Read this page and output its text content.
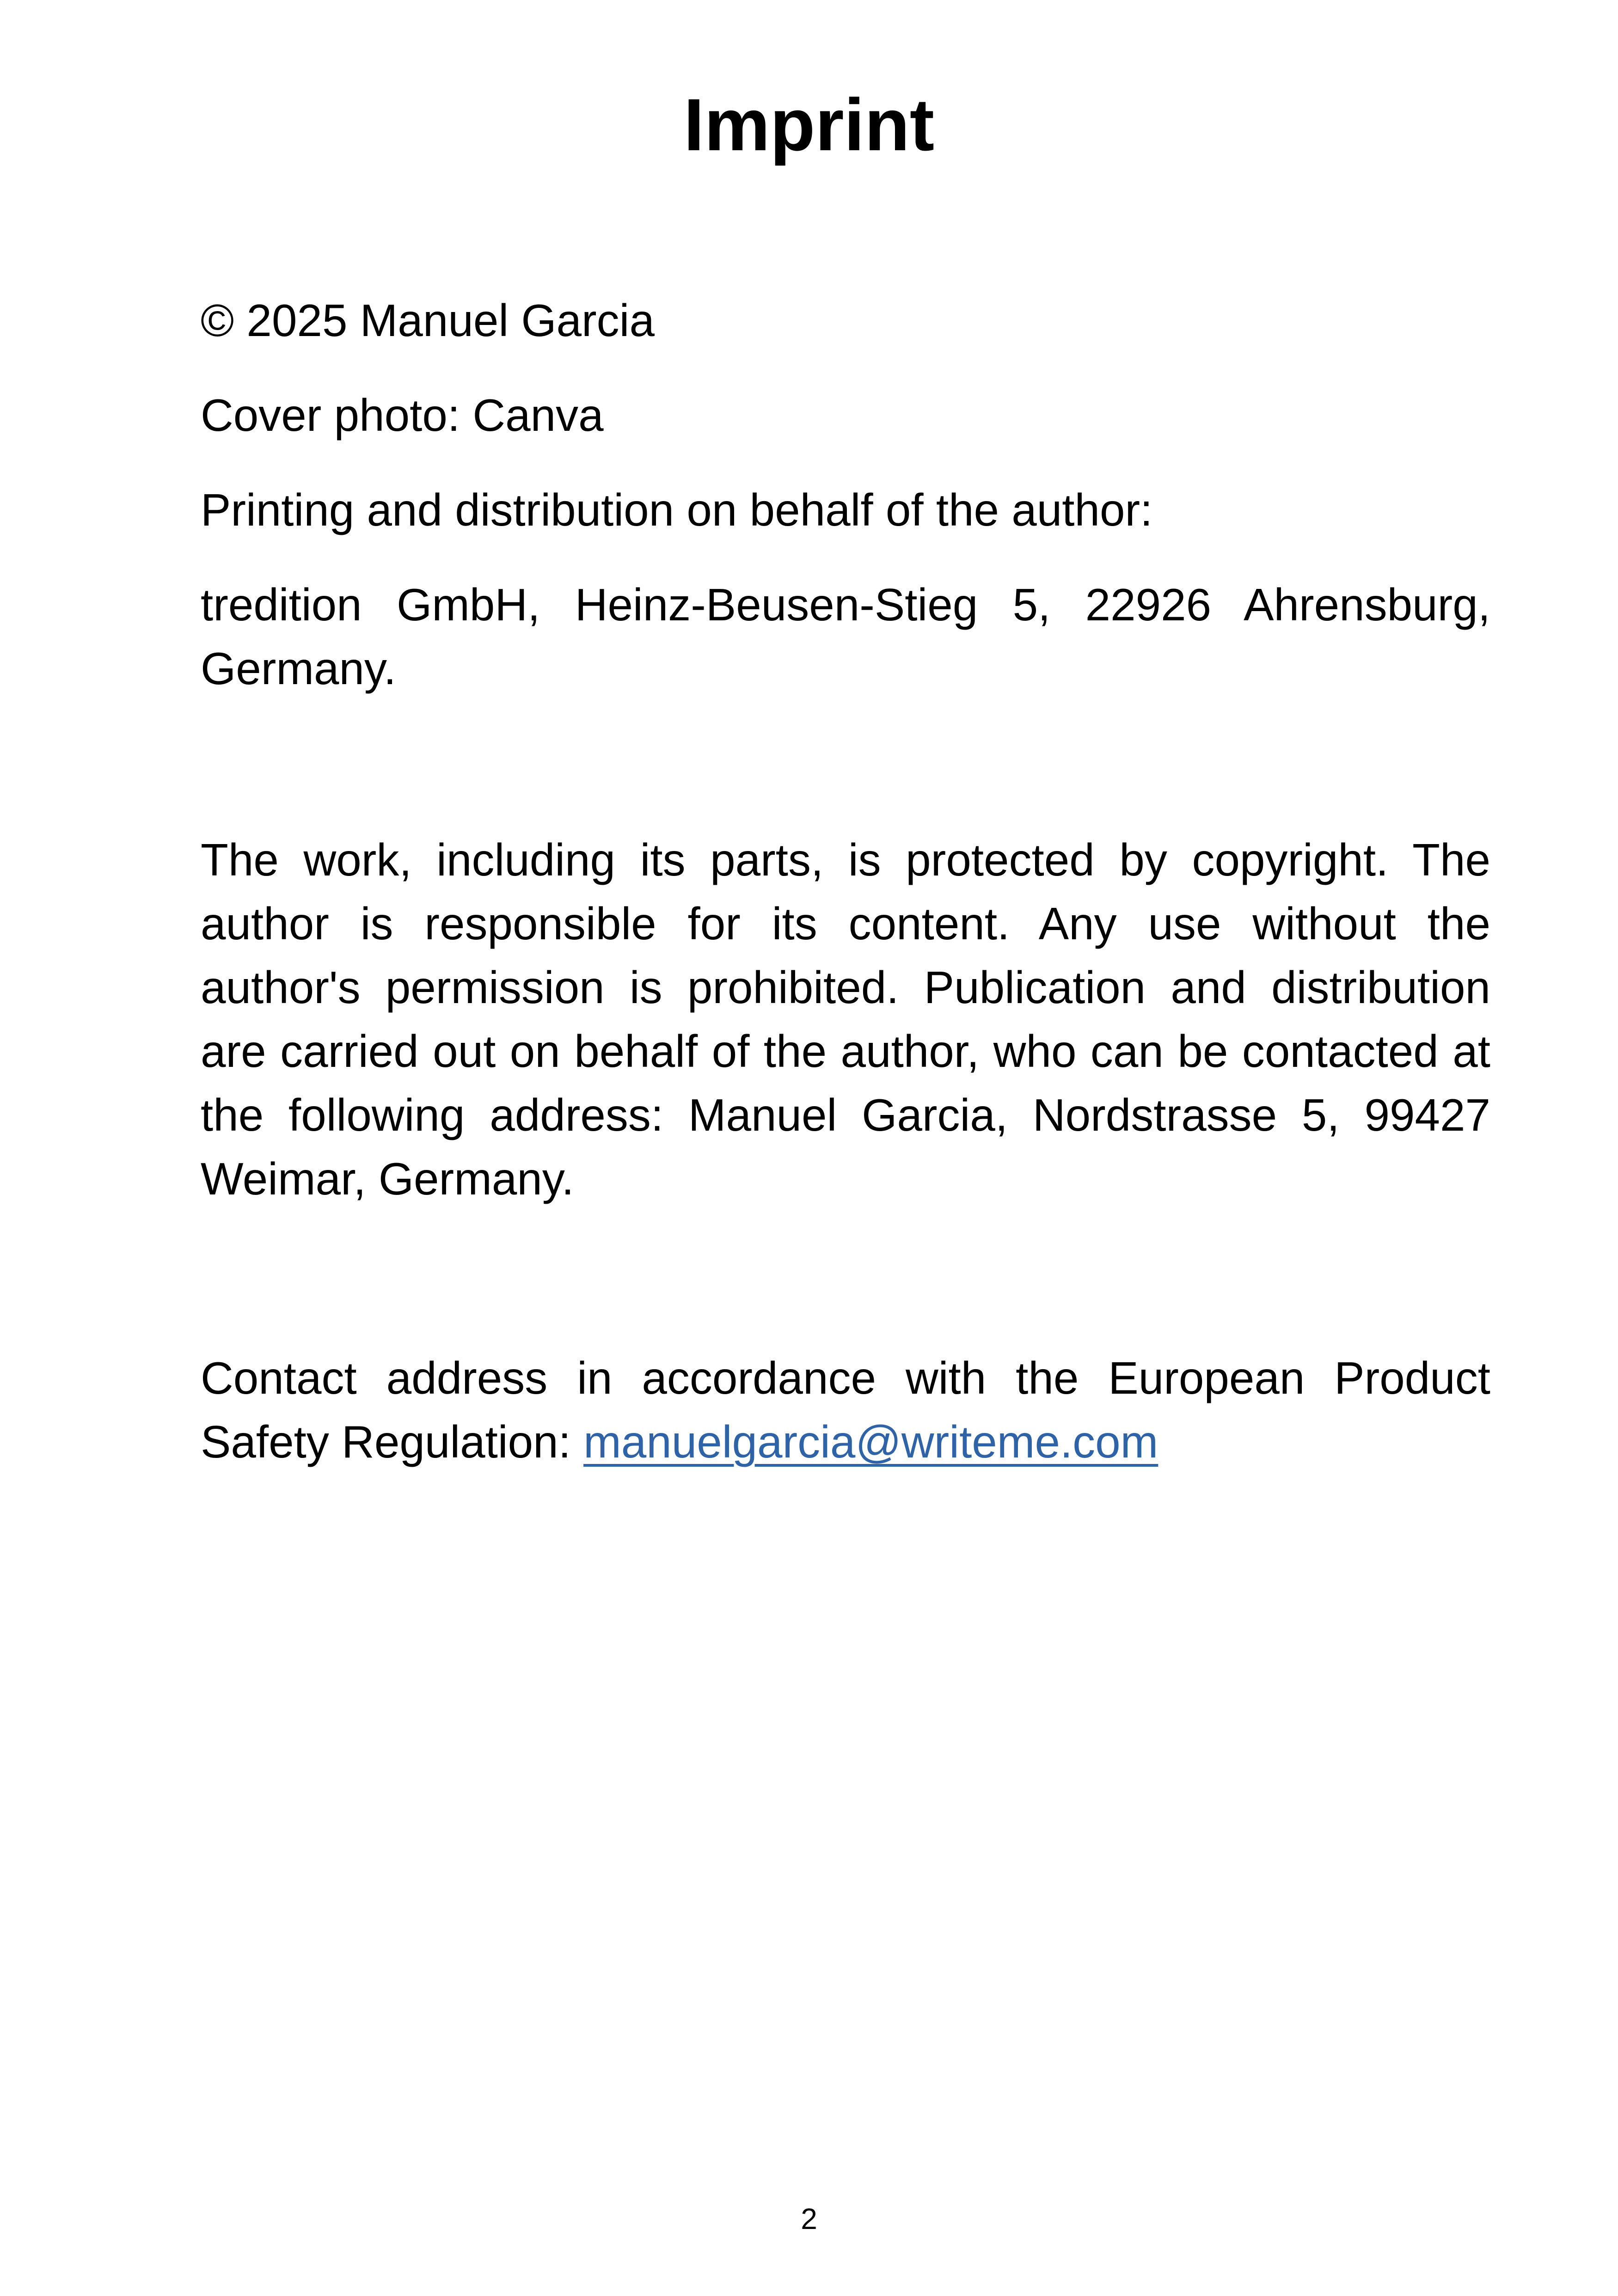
Imprint

© 2025 Manuel Garcia

Cover photo: Canva

Printing and distribution on behalf of the author:

tredition GmbH, Heinz-Beusen-Stieg 5, 22926 Ahrensburg, Germany.

The work, including its parts, is protected by copyright. The author is responsible for its content. Any use without the author's permission is prohibited. Publication and distribution are carried out on behalf of the author, who can be contacted at the following address: Manuel Garcia, Nordstrasse 5, 99427 Weimar, Germany.

Contact address in accordance with the European Product Safety Regulation: manuelgarcia@writeme.com

2
